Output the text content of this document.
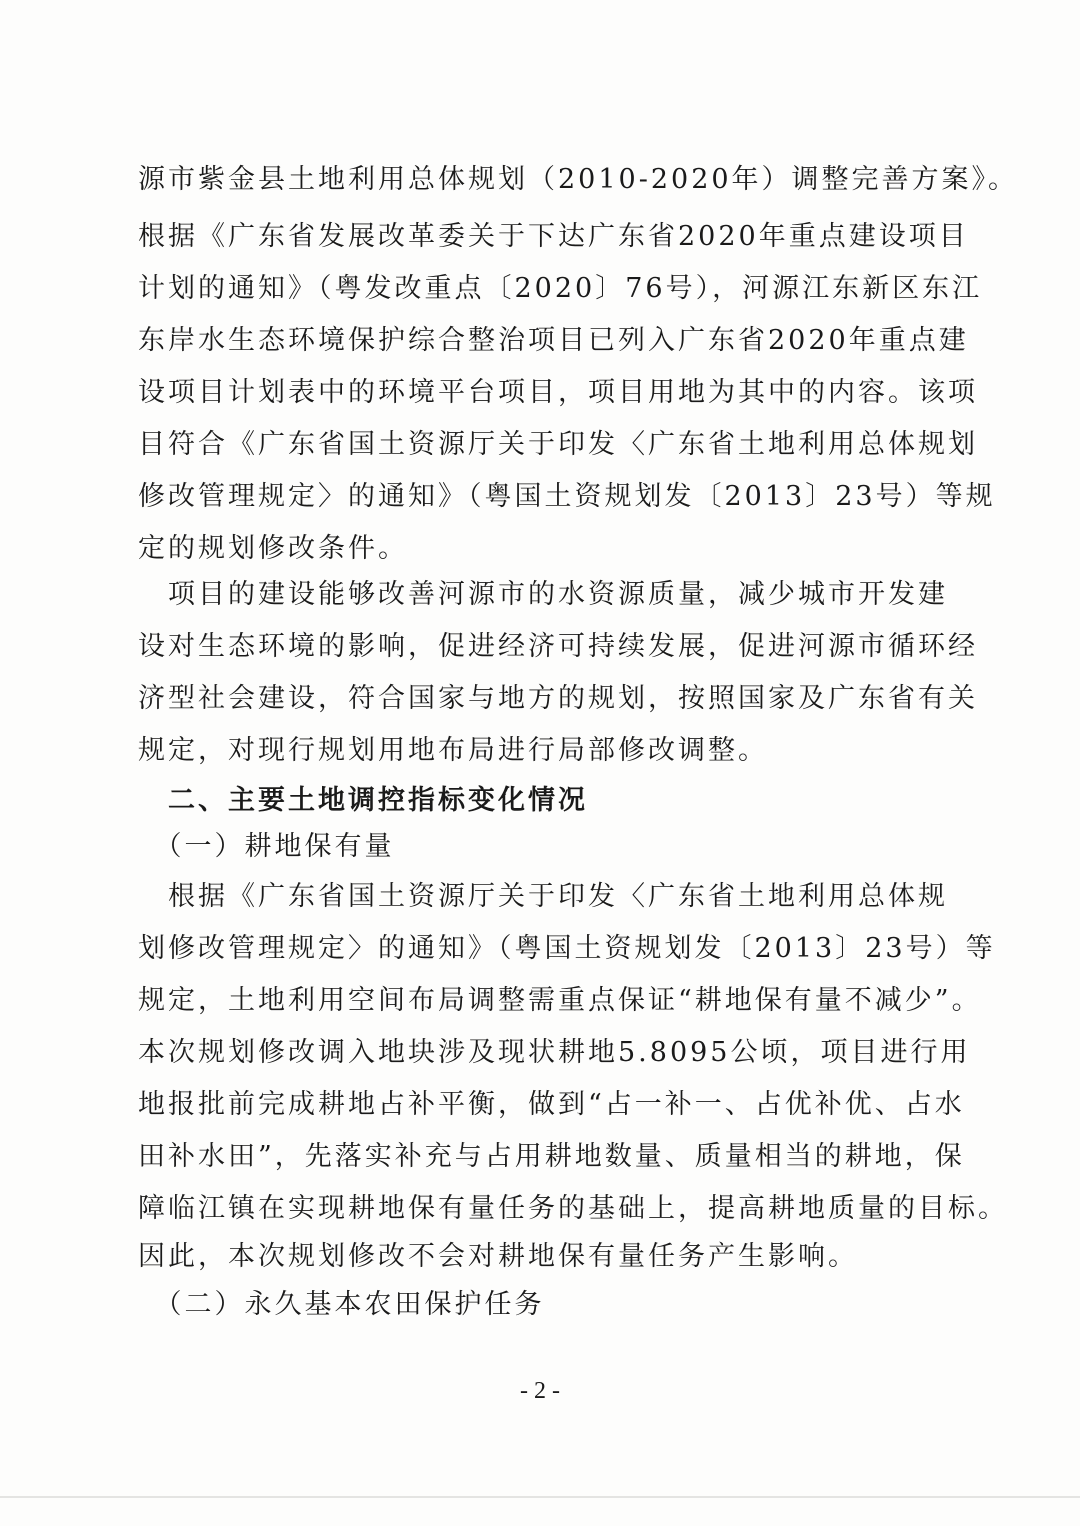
源市紫金县土地利用总体规划（2010-2020年）调整完善方案》。
根据《广东省发展改革委关于下达广东省2020年重点建设项目
计划的通知》（粤发改重点〔2020〕76号），河源江东新区东江
东岸水生态环境保护综合整治项目已列入广东省2020年重点建
设项目计划表中的环境平台项目，项目用地为其中的内容。该项
目符合《广东省国土资源厅关于印发〈广东省土地利用总体规划
修改管理规定〉的通知》（粤国土资规划发〔2013〕23号）等规
定的规划修改条件。
　项目的建设能够改善河源市的水资源质量，减少城市开发建
设对生态环境的影响，促进经济可持续发展，促进河源市循环经
济型社会建设，符合国家与地方的规划，按照国家及广东省有关
规定，对现行规划用地布局进行局部修改调整。
　二、主要土地调控指标变化情况
　（一）耕地保有量
　根据《广东省国土资源厅关于印发〈广东省土地利用总体规
划修改管理规定〉的通知》（粤国土资规划发〔2013〕23号）等
规定，土地利用空间布局调整需重点保证“耕地保有量不减少”。
本次规划修改调入地块涉及现状耕地5.8095公顷，项目进行用
地报批前完成耕地占补平衡，做到“占一补一、占优补优、占水
田补水田”，先落实补充与占用耕地数量、质量相当的耕地，保
障临江镇在实现耕地保有量任务的基础上，提高耕地质量的目标。
因此，本次规划修改不会对耕地保有量任务产生影响。
　（二）永久基本农田保护任务
- 2 -
